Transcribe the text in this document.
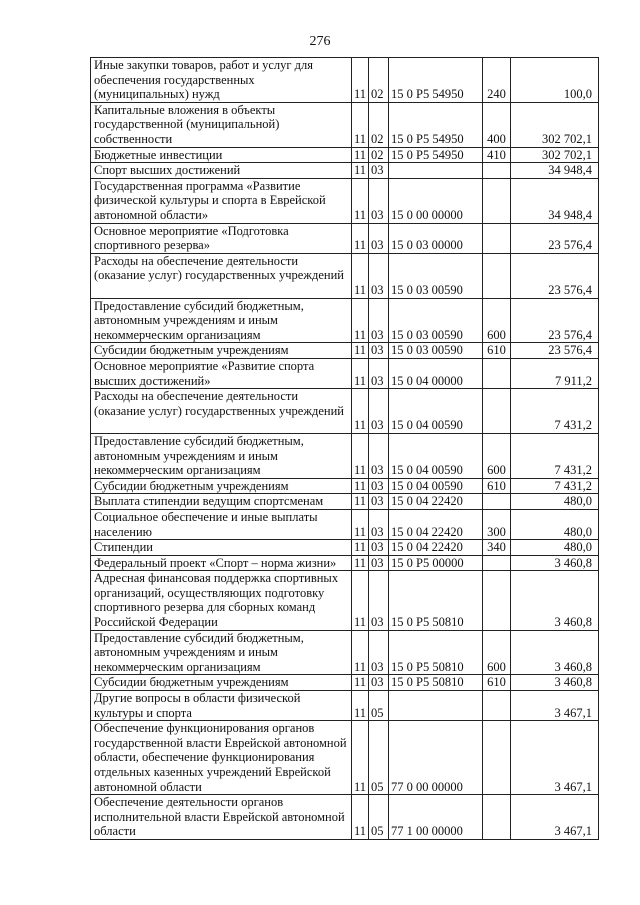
276
Иные закупки товаров, работ и услуг для обеспечения государственных (муниципальных) нужд	11	02	15 0 Р5 54950	240	100,0
Капитальные вложения в объекты государственной (муниципальной) собственности	11	02	15 0 Р5 54950	400	302 702,1
Бюджетные инвестиции	11	02	15 0 Р5 54950	410	302 702,1
Спорт высших достижений	11	03			34 948,4
Государственная программа «Развитие физической культуры и спорта в Еврейской автономной области»	11	03	15 0 00 00000		34 948,4
Основное мероприятие «Подготовка спортивного резерва»	11	03	15 0 03 00000		23 576,4
Расходы на обеспечение деятельности (оказание услуг) государственных учреждений	11	03	15 0 03 00590		23 576,4
Предоставление субсидий бюджетным, автономным учреждениям и иным некоммерческим организациям	11	03	15 0 03 00590	600	23 576,4
Субсидии бюджетным учреждениям	11	03	15 0 03 00590	610	23 576,4
Основное мероприятие «Развитие спорта высших достижений»	11	03	15 0 04 00000		7 911,2
Расходы на обеспечение деятельности (оказание услуг) государственных учреждений	11	03	15 0 04 00590		7 431,2
Предоставление субсидий бюджетным, автономным учреждениям и иным некоммерческим организациям	11	03	15 0 04 00590	600	7 431,2
Субсидии бюджетным учреждениям	11	03	15 0 04 00590	610	7 431,2
Выплата стипендии ведущим спортсменам	11	03	15 0 04 22420		480,0
Социальное обеспечение и иные выплаты населению	11	03	15 0 04 22420	300	480,0
Стипендии	11	03	15 0 04 22420	340	480,0
Федеральный проект «Спорт – норма жизни»	11	03	15 0 Р5 00000		3 460,8
Адресная финансовая поддержка спортивных организаций, осуществляющих подготовку спортивного резерва для сборных команд Российской Федерации	11	03	15 0 Р5 50810		3 460,8
Предоставление субсидий бюджетным, автономным учреждениям и иным некоммерческим организациям	11	03	15 0 Р5 50810	600	3 460,8
Субсидии бюджетным учреждениям	11	03	15 0 Р5 50810	610	3 460,8
Другие вопросы в области физической культуры и спорта	11	05			3 467,1
Обеспечение функционирования органов государственной власти Еврейской автономной области, обеспечение функционирования отдельных казенных учреждений Еврейской автономной области	11	05	77 0 00 00000		3 467,1
Обеспечение деятельности органов исполнительной власти Еврейской автономной области	11	05	77 1 00 00000		3 467,1
